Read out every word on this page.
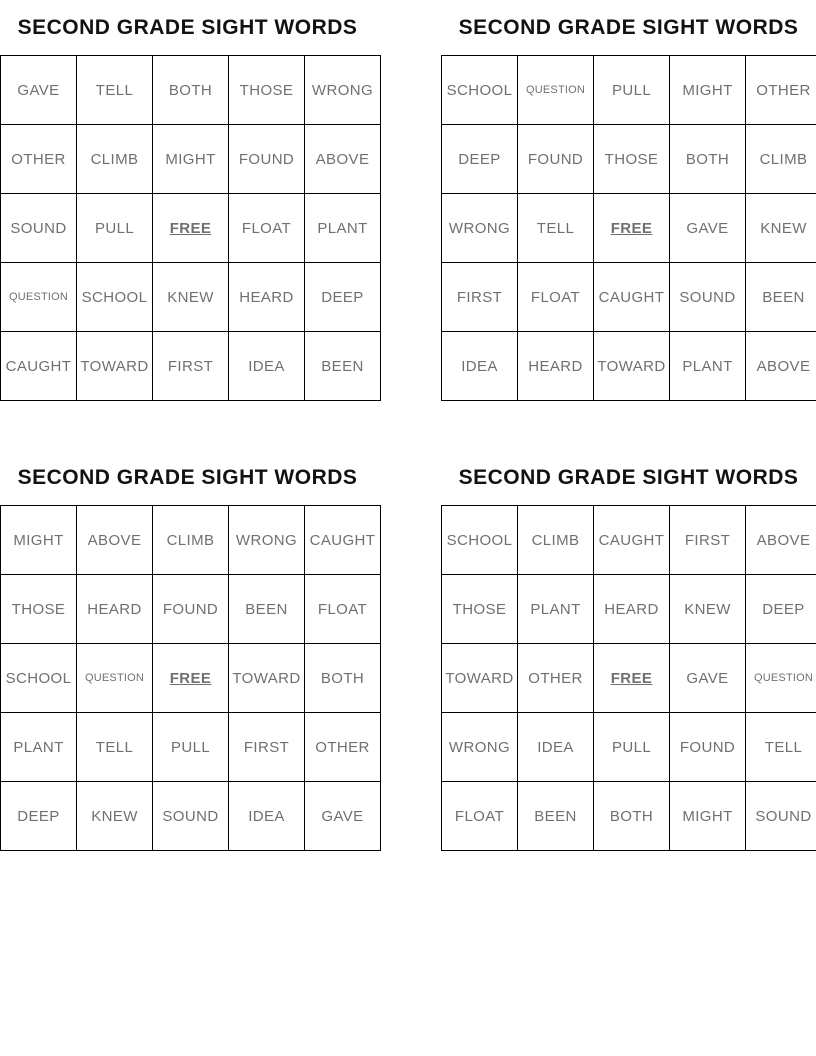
SECOND GRADE SIGHT WORDS
GAVE	TELL	BOTH	THOSE	WRONG
OTHER	CLIMB	MIGHT	FOUND	ABOVE
SOUND	PULL	FREE	FLOAT	PLANT
QUESTION	SCHOOL	KNEW	HEARD	DEEP
CAUGHT	TOWARD	FIRST	IDEA	BEEN
SECOND GRADE SIGHT WORDS
SCHOOL	QUESTION	PULL	MIGHT	OTHER
DEEP	FOUND	THOSE	BOTH	CLIMB
WRONG	TELL	FREE	GAVE	KNEW
FIRST	FLOAT	CAUGHT	SOUND	BEEN
IDEA	HEARD	TOWARD	PLANT	ABOVE
SECOND GRADE SIGHT WORDS
MIGHT	ABOVE	CLIMB	WRONG	CAUGHT
THOSE	HEARD	FOUND	BEEN	FLOAT
SCHOOL	QUESTION	FREE	TOWARD	BOTH
PLANT	TELL	PULL	FIRST	OTHER
DEEP	KNEW	SOUND	IDEA	GAVE
SECOND GRADE SIGHT WORDS
SCHOOL	CLIMB	CAUGHT	FIRST	ABOVE
THOSE	PLANT	HEARD	KNEW	DEEP
TOWARD	OTHER	FREE	GAVE	QUESTION
WRONG	IDEA	PULL	FOUND	TELL
FLOAT	BEEN	BOTH	MIGHT	SOUND
